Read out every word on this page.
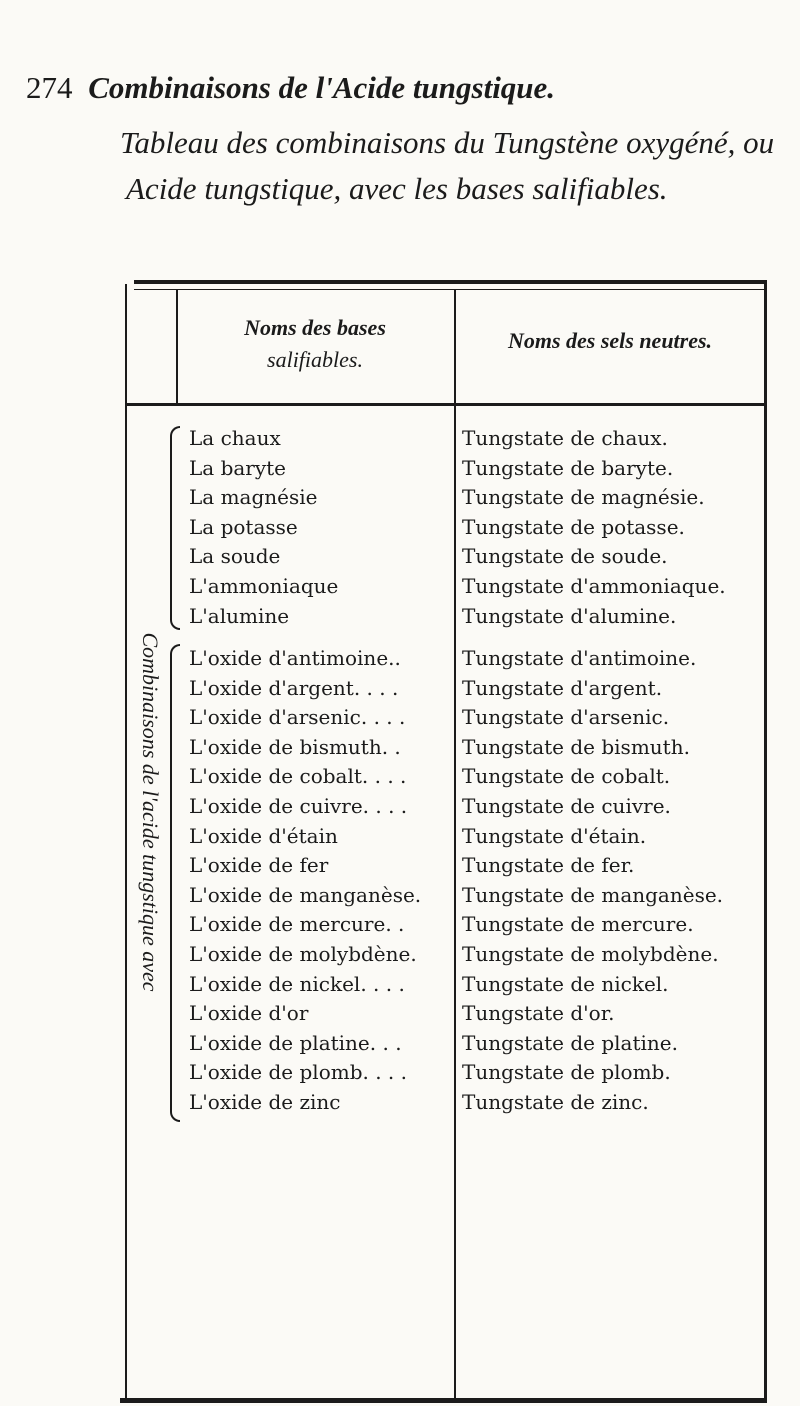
274 Combinaisons de l'Acide tungstique.
Tableau des combinaisons du Tungstène oxygéné, ou Acide tungstique, avec les bases salifiables.
Noms des bases
salifiables.
Noms des sels neutres.
Combinaisons de l'acide tungstique avec
La chaux	Tungstate de chaux.
La baryte	Tungstate de baryte.
La magnésie	Tungstate de magnésie.
La potasse	Tungstate de potasse.
La soude	Tungstate de soude.
L'ammoniaque	Tungstate d'ammoniaque.
L'alumine	Tungstate d'alumine.
L'oxide d'antimoine..	Tungstate d'antimoine.
L'oxide d'argent. . . .	Tungstate d'argent.
L'oxide d'arsenic. . . .	Tungstate d'arsenic.
L'oxide de bismuth. .	Tungstate de bismuth.
L'oxide de cobalt. . . .	Tungstate de cobalt.
L'oxide de cuivre. . . .	Tungstate de cuivre.
L'oxide d'étain	Tungstate d'étain.
L'oxide de fer	Tungstate de fer.
L'oxide de manganèse.	Tungstate de manganèse.
L'oxide de mercure. .	Tungstate de mercure.
L'oxide de molybdène.	Tungstate de molybdène.
L'oxide de nickel. . . .	Tungstate de nickel.
L'oxide d'or	Tungstate d'or.
L'oxide de platine. . .	Tungstate de platine.
L'oxide de plomb. . . .	Tungstate de plomb.
L'oxide de zinc	Tungstate de zinc.
